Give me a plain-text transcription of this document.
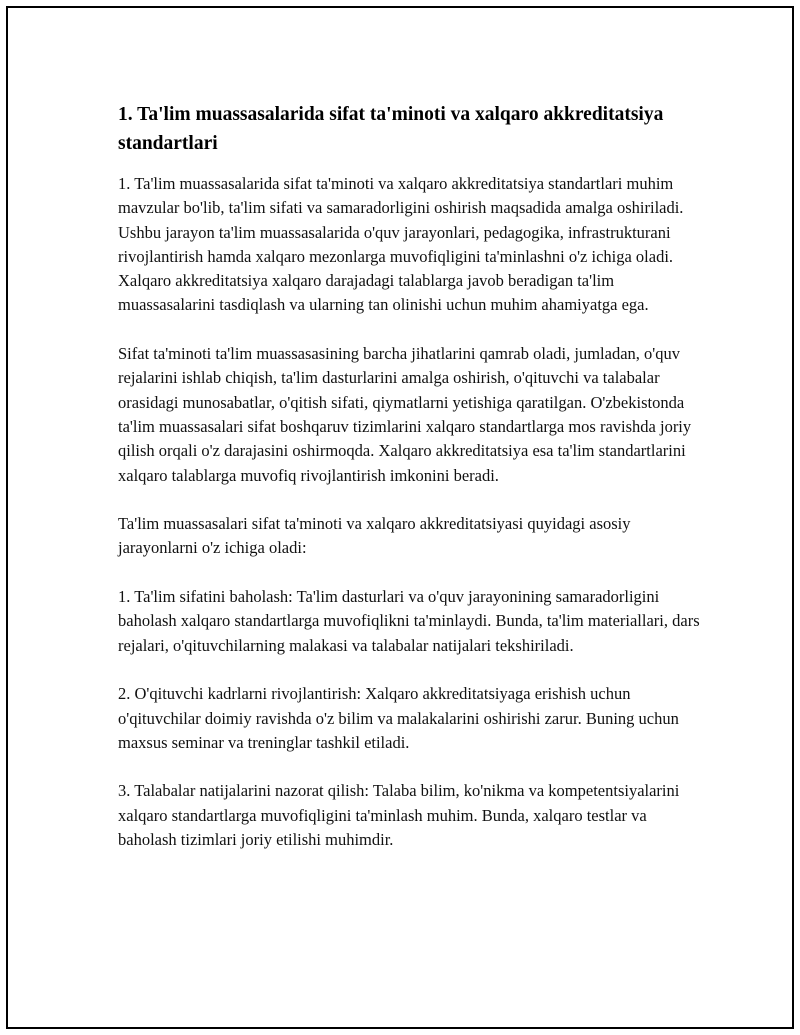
1. Ta'lim muassasalarida sifat ta'minoti va xalqaro akkreditatsiya standartlari

1. Ta'lim muassasalarida sifat ta'minoti va xalqaro akkreditatsiya standartlari muhim mavzular bo'lib, ta'lim sifati va samaradorligini oshirish maqsadida amalga oshiriladi. Ushbu jarayon ta'lim muassasalarida o'quv jarayonlari, pedagogika, infrastrukturani rivojlantirish hamda xalqaro mezonlarga muvofiqligini ta'minlashni o'z ichiga oladi. Xalqaro akkreditatsiya xalqaro darajadagi talablarga javob beradigan ta'lim muassasalarini tasdiqlash va ularning tan olinishi uchun muhim ahamiyatga ega.

Sifat ta'minoti ta'lim muassasasining barcha jihatlarini qamrab oladi, jumladan, o'quv rejalarini ishlab chiqish, ta'lim dasturlarini amalga oshirish, o'qituvchi va talabalar orasidagi munosabatlar, o'qitish sifati, qiymatlarni yetishiga qaratilgan. O'zbekistonda ta'lim muassasalari sifat boshqaruv tizimlarini xalqaro standartlarga mos ravishda joriy qilish orqali o'z darajasini oshirmoqda. Xalqaro akkreditatsiya esa ta'lim standartlarini xalqaro talablarga muvofiq rivojlantirish imkonini beradi.

Ta'lim muassasalari sifat ta'minoti va xalqaro akkreditatsiyasi quyidagi asosiy jarayonlarni o'z ichiga oladi:

1. Ta'lim sifatini baholash: Ta'lim dasturlari va o'quv jarayonining samaradorligini baholash xalqaro standartlarga muvofiqlikni ta'minlaydi. Bunda, ta'lim materiallari, dars rejalari, o'qituvchilarning malakasi va talabalar natijalari tekshiriladi.

2. O'qituvchi kadrlarni rivojlantirish: Xalqaro akkreditatsiyaga erishish uchun o'qituvchilar doimiy ravishda o'z bilim va malakalarini oshirishi zarur. Buning uchun maxsus seminar va treninglar tashkil etiladi.

3. Talabalar natijalarini nazorat qilish: Talaba bilim, ko'nikma va kompetentsiyalarini xalqaro standartlarga muvofiqligini ta'minlash muhim. Bunda, xalqaro testlar va baholash tizimlari joriy etilishi muhimdir.
